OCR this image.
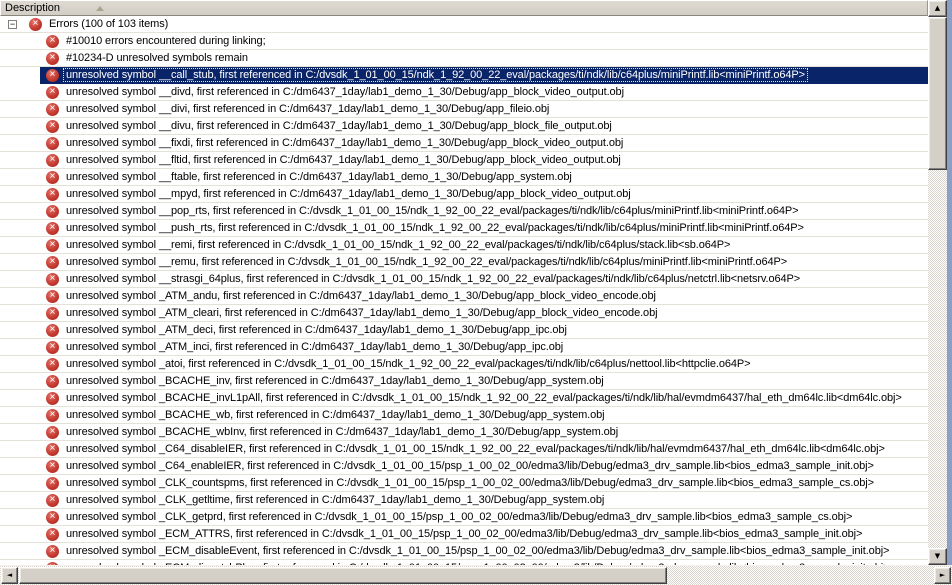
Description
− ✕ Errors (100 of 103 items)
✕ #10010 errors encountered during linking;
✕ #10234-D unresolved symbols remain
✕ unresolved symbol __call_stub, first referenced in C:/dvsdk_1_01_00_15/ndk_1_92_00_22_eval/packages/ti/ndk/lib/c64plus/miniPrintf.lib<miniPrintf.o64P>
✕ unresolved symbol __divd, first referenced in C:/dm6437_1day/lab1_demo_1_30/Debug/app_block_video_output.obj
✕ unresolved symbol __divi, first referenced in C:/dm6437_1day/lab1_demo_1_30/Debug/app_fileio.obj
✕ unresolved symbol __divu, first referenced in C:/dm6437_1day/lab1_demo_1_30/Debug/app_block_file_output.obj
✕ unresolved symbol __fixdi, first referenced in C:/dm6437_1day/lab1_demo_1_30/Debug/app_block_video_output.obj
✕ unresolved symbol __fltid, first referenced in C:/dm6437_1day/lab1_demo_1_30/Debug/app_block_video_output.obj
✕ unresolved symbol __ftable, first referenced in C:/dm6437_1day/lab1_demo_1_30/Debug/app_system.obj
✕ unresolved symbol __mpyd, first referenced in C:/dm6437_1day/lab1_demo_1_30/Debug/app_block_video_output.obj
✕ unresolved symbol __pop_rts, first referenced in C:/dvsdk_1_01_00_15/ndk_1_92_00_22_eval/packages/ti/ndk/lib/c64plus/miniPrintf.lib<miniPrintf.o64P>
✕ unresolved symbol __push_rts, first referenced in C:/dvsdk_1_01_00_15/ndk_1_92_00_22_eval/packages/ti/ndk/lib/c64plus/miniPrintf.lib<miniPrintf.o64P>
✕ unresolved symbol __remi, first referenced in C:/dvsdk_1_01_00_15/ndk_1_92_00_22_eval/packages/ti/ndk/lib/c64plus/stack.lib<sb.o64P>
✕ unresolved symbol __remu, first referenced in C:/dvsdk_1_01_00_15/ndk_1_92_00_22_eval/packages/ti/ndk/lib/c64plus/miniPrintf.lib<miniPrintf.o64P>
✕ unresolved symbol __strasgi_64plus, first referenced in C:/dvsdk_1_01_00_15/ndk_1_92_00_22_eval/packages/ti/ndk/lib/c64plus/netctrl.lib<netsrv.o64P>
✕ unresolved symbol _ATM_andu, first referenced in C:/dm6437_1day/lab1_demo_1_30/Debug/app_block_video_encode.obj
✕ unresolved symbol _ATM_cleari, first referenced in C:/dm6437_1day/lab1_demo_1_30/Debug/app_block_video_encode.obj
✕ unresolved symbol _ATM_deci, first referenced in C:/dm6437_1day/lab1_demo_1_30/Debug/app_ipc.obj
✕ unresolved symbol _ATM_inci, first referenced in C:/dm6437_1day/lab1_demo_1_30/Debug/app_ipc.obj
✕ unresolved symbol _atoi, first referenced in C:/dvsdk_1_01_00_15/ndk_1_92_00_22_eval/packages/ti/ndk/lib/c64plus/nettool.lib<httpclie.o64P>
✕ unresolved symbol _BCACHE_inv, first referenced in C:/dm6437_1day/lab1_demo_1_30/Debug/app_system.obj
✕ unresolved symbol _BCACHE_invL1pAll, first referenced in C:/dvsdk_1_01_00_15/ndk_1_92_00_22_eval/packages/ti/ndk/lib/hal/evmdm6437/hal_eth_dm64lc.lib<dm64lc.obj>
✕ unresolved symbol _BCACHE_wb, first referenced in C:/dm6437_1day/lab1_demo_1_30/Debug/app_system.obj
✕ unresolved symbol _BCACHE_wbInv, first referenced in C:/dm6437_1day/lab1_demo_1_30/Debug/app_system.obj
✕ unresolved symbol _C64_disableIER, first referenced in C:/dvsdk_1_01_00_15/ndk_1_92_00_22_eval/packages/ti/ndk/lib/hal/evmdm6437/hal_eth_dm64lc.lib<dm64lc.obj>
✕ unresolved symbol _C64_enableIER, first referenced in C:/dvsdk_1_01_00_15/psp_1_00_02_00/edma3/lib/Debug/edma3_drv_sample.lib<bios_edma3_sample_init.obj>
✕ unresolved symbol _CLK_countspms, first referenced in C:/dvsdk_1_01_00_15/psp_1_00_02_00/edma3/lib/Debug/edma3_drv_sample.lib<bios_edma3_sample_cs.obj>
✕ unresolved symbol _CLK_getltime, first referenced in C:/dm6437_1day/lab1_demo_1_30/Debug/app_system.obj
✕ unresolved symbol _CLK_getprd, first referenced in C:/dvsdk_1_01_00_15/psp_1_00_02_00/edma3/lib/Debug/edma3_drv_sample.lib<bios_edma3_sample_cs.obj>
✕ unresolved symbol _ECM_ATTRS, first referenced in C:/dvsdk_1_01_00_15/psp_1_00_02_00/edma3/lib/Debug/edma3_drv_sample.lib<bios_edma3_sample_init.obj>
✕ unresolved symbol _ECM_disableEvent, first referenced in C:/dvsdk_1_01_00_15/psp_1_00_02_00/edma3/lib/Debug/edma3_drv_sample.lib<bios_edma3_sample_init.obj>
▲
▼
◄	►
